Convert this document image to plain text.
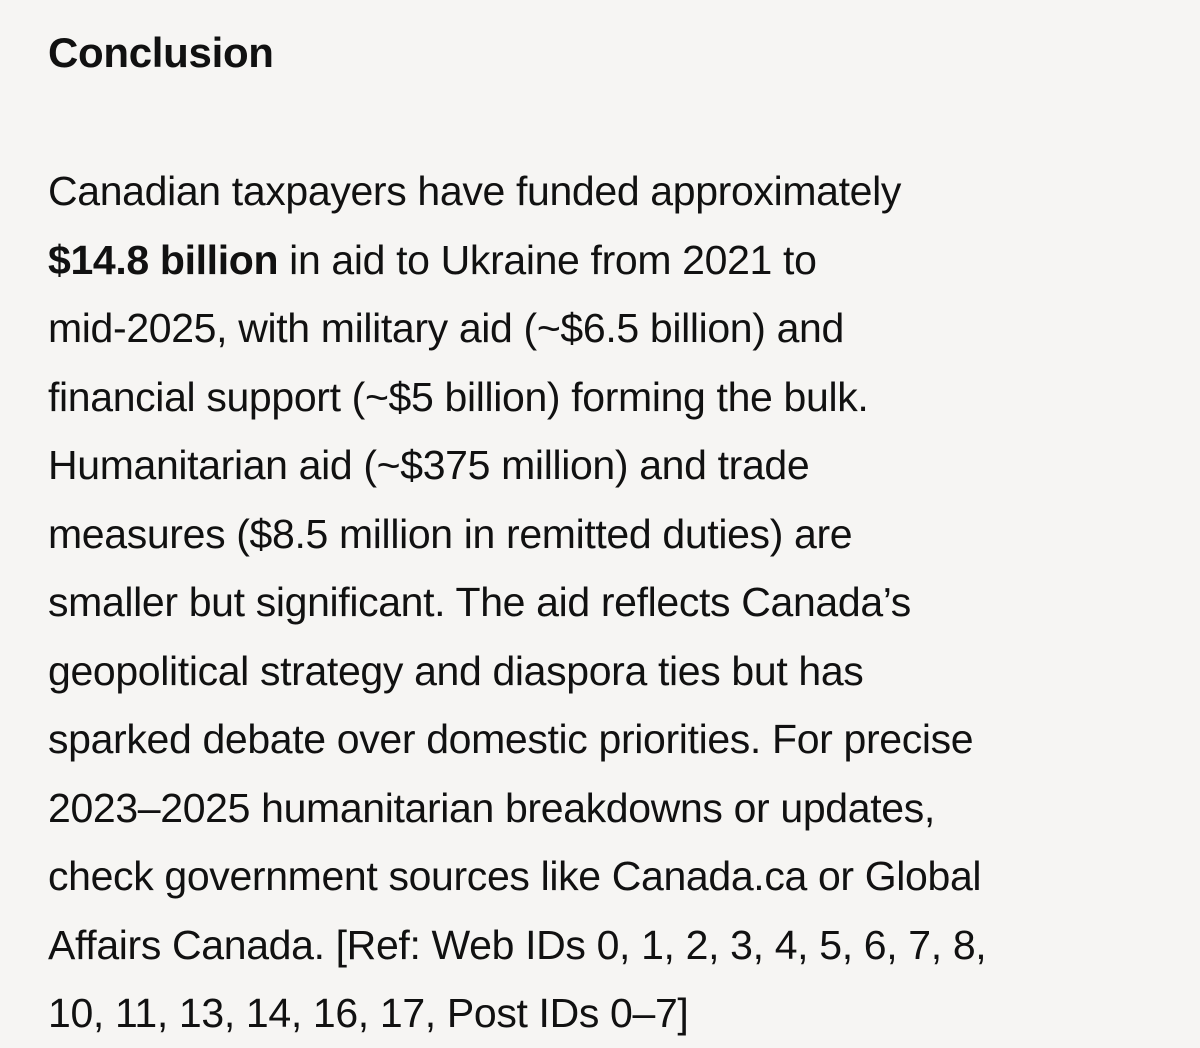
Conclusion

Canadian taxpayers have funded approximately
$14.8 billion in aid to Ukraine from 2021 to
mid-2025, with military aid (~$6.5 billion) and
financial support (~$5 billion) forming the bulk.
Humanitarian aid (~$375 million) and trade
measures ($8.5 million in remitted duties) are
smaller but significant. The aid reflects Canada’s
geopolitical strategy and diaspora ties but has
sparked debate over domestic priorities. For precise
2023–2025 humanitarian breakdowns or updates,
check government sources like Canada.ca or Global
Affairs Canada. [Ref: Web IDs 0, 1, 2, 3, 4, 5, 6, 7, 8,
10, 11, 13, 14, 16, 17, Post IDs 0–7]
